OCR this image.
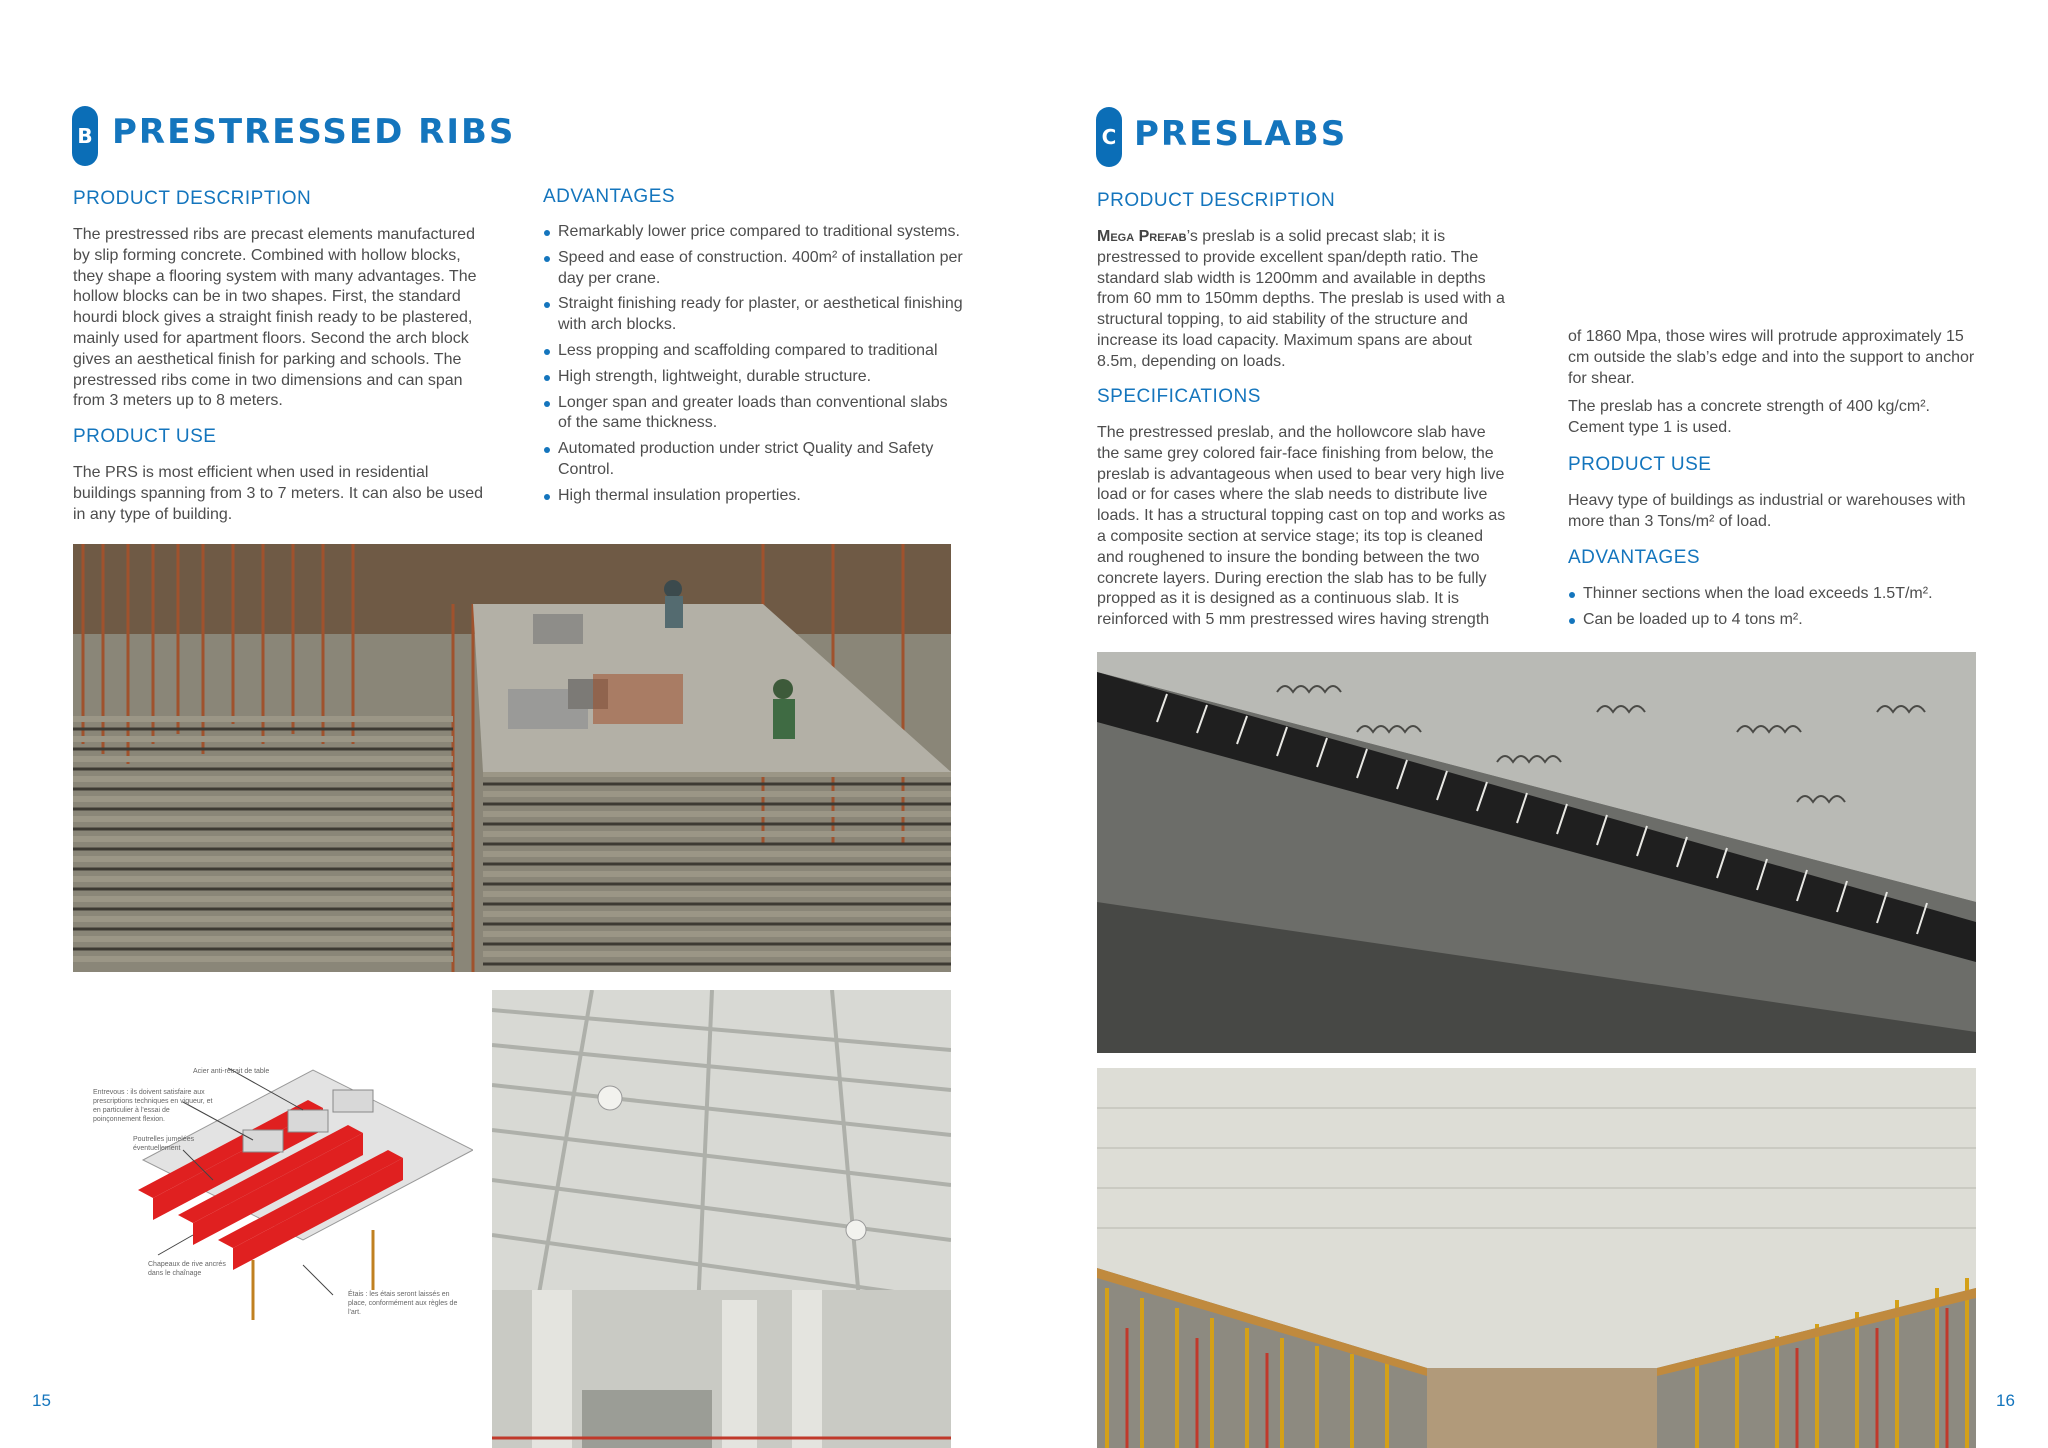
B PRESTRESSED RIBS
PRODUCT DESCRIPTION
The prestressed ribs are precast elements manufactured by slip forming concrete. Combined with hollow blocks, they shape a flooring system with many advantages. The hollow blocks can be in two shapes. First, the standard hourdi block gives a straight finish ready to be plastered, mainly used for apartment floors. Second the arch block gives an aesthetical finish for parking and schools. The prestressed ribs come in two dimensions and can span from 3 meters up to 8 meters.
PRODUCT USE
The PRS is most efficient when used in residential buildings spanning from 3 to 7 meters. It can also be used in any type of building.
ADVANTAGES
Remarkably lower price compared to traditional systems.
Speed and ease of construction. 400m² of installation per day per crane.
Straight finishing ready for plaster, or aesthetical finishing with arch blocks.
Less propping and scaffolding compared to traditional
High strength, lightweight, durable structure.
Longer span and greater loads than conventional slabs of the same thickness.
Automated production under strict Quality and Safety Control.
High thermal insulation properties.
Acier anti-retrait de table
Entrevous : ils doivent satisfaire aux prescriptions techniques en vigueur, et en particulier à l'essai de poinçonnement flexion.
Poutrelles jumelées éventuellement
Chapeaux de rive ancrés dans le chaînage
Étais : les étais seront laissés en place, conformément aux règles de l'art.
15
C PRESLABS
PRODUCT DESCRIPTION
Mega Prefab’s preslab is a solid precast slab; it is prestressed to provide excellent span/depth ratio. The standard slab width is 1200mm and available in depths from 60 mm to 150mm depths. The preslab is used with a structural topping, to aid stability of the structure and increase its load capacity. Maximum spans are about 8.5m, depending on loads.
SPECIFICATIONS
The prestressed preslab, and the hollowcore slab have the same grey colored fair-face finishing from below, the preslab is advantageous when used to bear very high live load or for cases where the slab needs to distribute live loads. It has a structural topping cast on top and works as a composite section at service stage; its top is cleaned and roughened to insure the bonding between the two concrete layers. During erection the slab has to be fully propped as it is designed as a continuous slab. It is reinforced with 5 mm prestressed wires having strength
of 1860 Mpa, those wires will protrude approximately 15 cm outside the slab’s edge and into the support to anchor for shear.
The preslab has a concrete strength of 400 kg/cm². Cement type 1 is used.
PRODUCT USE
Heavy type of buildings as industrial or warehouses with more than 3 Tons/m² of load.
ADVANTAGES
Thinner sections when the load exceeds 1.5T/m².
Can be loaded up to 4 tons m².
16
